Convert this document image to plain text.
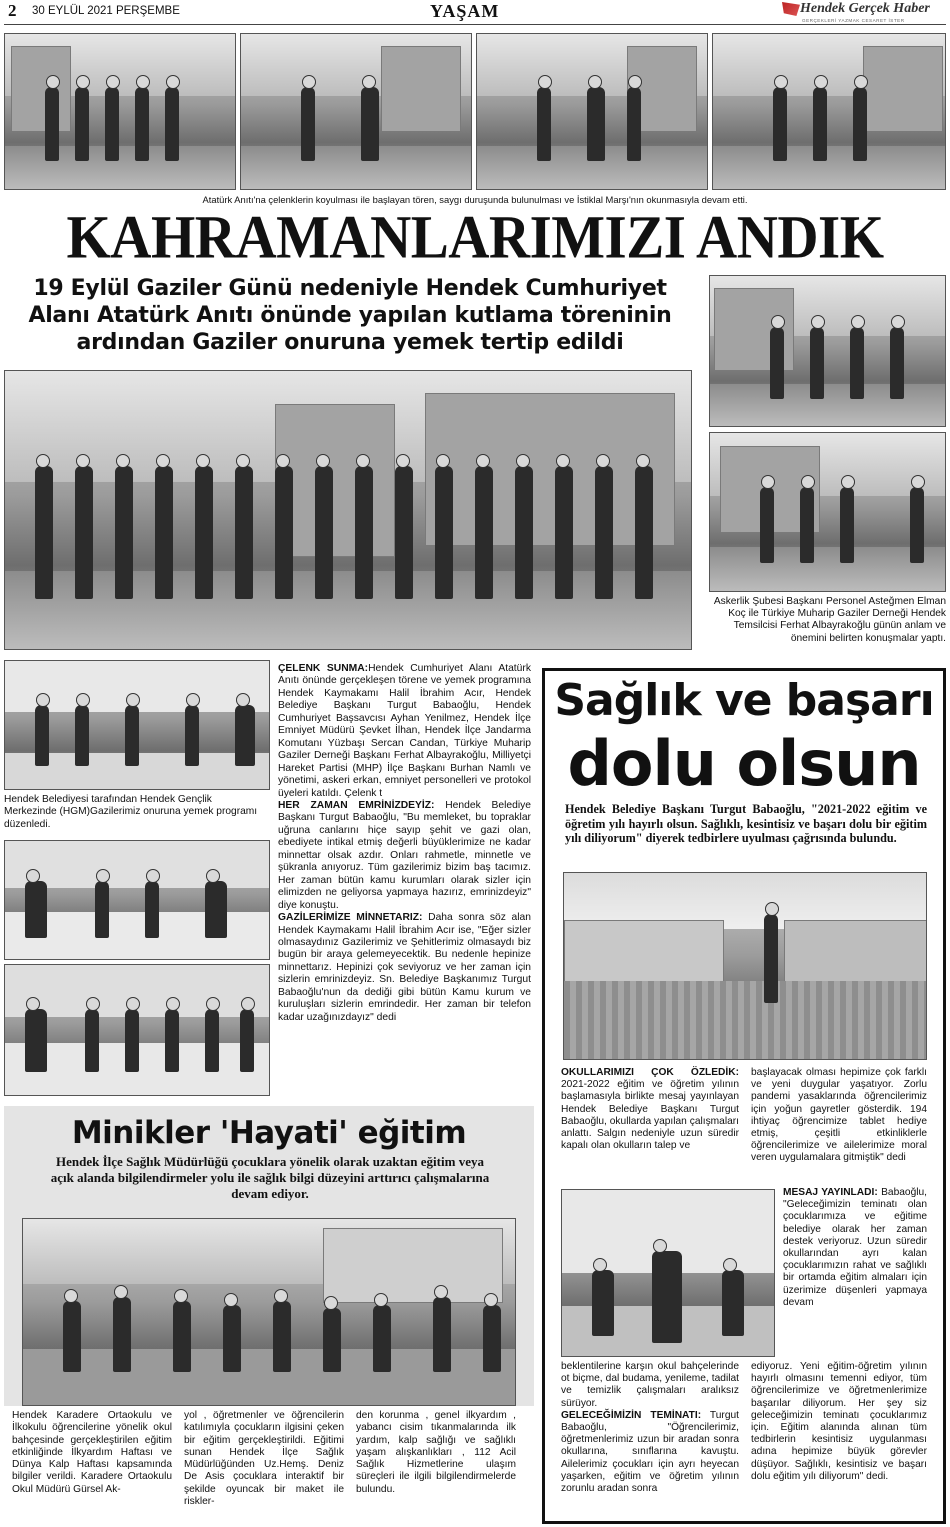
2 30 EYLÜL 2021 PERŞEMBE	YAŞAM	Hendek Gerçek Haber
GERÇEKLERİ YAZMAK CESARET İSTER
Atatürk Anıtı'na çelenklerin koyulması ile başlayan tören, saygı duruşunda bulunulması ve İstiklal Marşı'nın okunmasıyla devam etti.
KAHRAMANLARIMIZI ANDIK
19 Eylül Gaziler Günü nedeniyle Hendek Cumhuriyet Alanı Atatürk Anıtı önünde yapılan kutlama töreninin ardından Gaziler onuruna yemek tertip edildi
Askerlik Şubesi Başkanı Personel Asteğmen Elman Koç ile Türkiye Muharip Gaziler Derneği Hendek Temsilcisi Ferhat Albayrakoğlu günün anlam ve önemini belirten konuşmalar yaptı.
Hendek Belediyesi tarafından Hendek Gençlik Merkezinde (HGM)Gazilerimiz onuruna yemek programı düzenledi.

ÇELENK SUNMA:Hendek Cumhuriyet Alanı Atatürk Anıtı önünde gerçekleşen törene ve yemek programına Hendek Kaymakamı Halil İbrahim Acır, Hendek Belediye Başkanı Turgut Babaoğlu, Hendek Cumhuriyet Başsavcısı Ayhan Yenilmez, Hendek İlçe Emniyet Müdürü Şevket İlhan, Hendek İlçe Jandarma Komutanı Yüzbaşı Sercan Candan, Türkiye Muharip Gaziler Derneği Başkanı Ferhat Albayrakoğlu, Milliyetçi Hareket Partisi (MHP) İlçe Başkanı Burhan Namlı ve yönetimi, askeri erkan, emniyet personelleri ve protokol üyeleri katıldı. Çelenk t

HER ZAMAN EMRİNİZDEYİZ: Hendek Belediye Başkanı Turgut Babaoğlu, "Bu memleket, bu topraklar uğruna canlarını hiçe sayıp şehit ve gazi olan, ebediyete intikal etmiş değerli büyüklerimize ne kadar minnettar olsak azdır. Onları rahmetle, minnetle ve şükranla anıyoruz. Tüm gazilerimiz bizim baş tacımız. Her zaman bütün kamu kurumları olarak sizler için elimizden ne geliyorsa yapmaya hazırız, emrinizdeyiz" diye konuştu.

GAZİLERİMİZE MİNNETARIZ: Daha sonra söz alan Hendek Kaymakamı Halil İbrahim Acır ise, "Eğer sizler olmasaydınız Gazilerimiz ve Şehitlerimiz olmasaydı biz bugün bir araya gelemeyecektik. Bu nedenle hepinize minnettarız. Hepinizi çok seviyoruz ve her zaman için sizlerin emrinizdeyiz. Sn. Belediye Başkanımız Turgut Babaoğlu'nun da dediği gibi bütün Kamu kurum ve kuruluşları sizlerin emrindedir. Her zaman bir telefon kadar uzağınızdayız" dedi

Sağlık ve başarı
dolu olsun
Hendek Belediye Başkanı Turgut Babaoğlu, "2021-2022 eğitim ve öğretim yılı hayırlı olsun. Sağlıklı, kesintisiz ve başarı dolu bir eğitim yılı diliyorum" diyerek tedbirlere uyulması çağrısında bulundu.
OKULLARIMIZI ÇOK ÖZLEDİK: 2021-2022 eğitim ve öğretim yılının başlamasıyla birlikte mesaj yayınlayan Hendek Belediye Başkanı Turgut Babaoğlu, okullarda yapılan çalışmaları anlattı. Salgın nedeniyle uzun süredir kapalı olan okulların talep ve
başlayacak olması hepimize çok farklı ve yeni duygular yaşatıyor. Zorlu pandemi yasaklarında öğrencilerimiz için yoğun gayretler gösterdik. 194 ihtiyaç öğrencimize tablet hediye etmiş, çeşitli etkinliklerle öğrencilerimize ve ailelerimize moral veren uygulamalara gitmiştik" dedi
MESAJ YAYINLADI: Babaoğlu, "Geleceğimizin teminatı olan çocuklarımıza ve eğitime belediye olarak her zaman destek veriyoruz. Uzun süredir okullarından ayrı kalan çocuklarımızın rahat ve sağlıklı bir ortamda eğitim almaları için üzerimize düşenleri yapmaya devam
beklentilerine karşın okul bahçelerinde ot biçme, dal budama, yenileme, tadilat ve temizlik çalışmaları aralıksız sürüyor.
GELECEĞİMİZİN TEMİNATI: Turgut Babaoğlu, "Öğrencilerimiz, öğretmenlerimiz uzun bir aradan sonra okullarına, sınıflarına kavuştu. Ailelerimiz çocukları için ayrı heyecan yaşarken, eğitim ve öğretim yılının zorunlu aradan sonra
ediyoruz. Yeni eğitim-öğretim yılının hayırlı olmasını temenni ediyor, tüm öğrencilerimize ve öğretmenlerimize başarılar diliyorum. Her şey siz geleceğimizin teminatı çocuklarımız için. Eğitim alanında alınan tüm tedbirlerin kesintisiz uygulanması adına hepimize büyük görevler düşüyor. Sağlıklı, kesintisiz ve başarı dolu eğitim yılı diliyorum" dedi.
Minikler 'Hayati' eğitim
Hendek İlçe Sağlık Müdürlüğü çocuklara yönelik olarak uzaktan eğitim veya açık alanda bilgilendirmeler yolu ile sağlık bilgi düzeyini arttırıcı çalışmalarına devam ediyor.
Hendek Karadere Ortaokulu ve İlkokulu öğrencilerine yönelik okul bahçesinde gerçekleştirilen eğitim etkinliğinde İlkyardım Haftası ve Dünya Kalp Haftası kapsamında bilgiler verildi. Karadere Ortaokulu Okul Müdürü Gürsel Ak-
yol , öğretmenler ve öğrencilerin katılımıyla çocukların ilgisini çeken bir eğitim gerçekleştirildi. Eğitimi sunan Hendek İlçe Sağlık Müdürlüğünden Uz.Hemş. Deniz De Asis çocuklara interaktif bir şekilde oyuncak bir maket ile riskler-
den korunma , genel ilkyardım , yabancı cisim tıkanmalarında ilk yardım, kalp sağlığı ve sağlıklı yaşam alışkanlıkları , 112 Acil Sağlık Hizmetlerine ulaşım süreçleri ile ilgili bilgilendirmelerde bulundu.
